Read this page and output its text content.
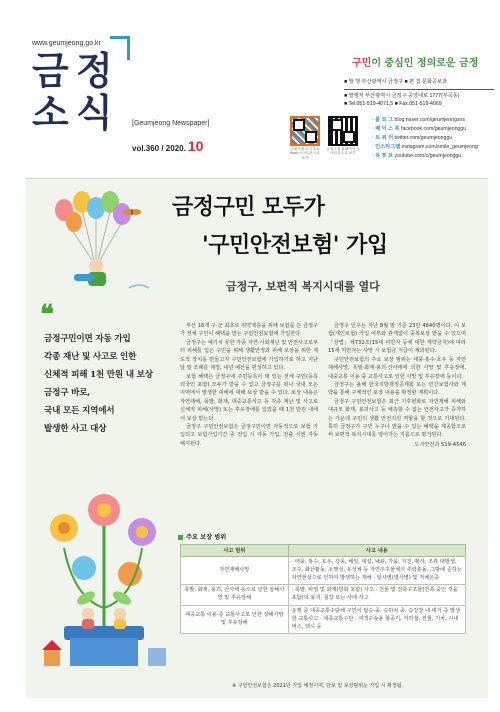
www.geumjeong.go.kr
금 정
소 식	[Geumjeong Newspaper]
vol.360 / 2020. 10
구민이 중심인 정의로운 금정
■ 발 행 부산광역시 금정구 ■ 편 집 문화공보과
■ 발행처 부산광역시 금정구 중앙대로 1777(부곡동)
■ Tel.051-519-4071,5 ■ Fax.051-519-4069
금정구청 소식지 e-book 스마트폰으로 보기
금정구청 홈페이지 스마트폰으로 보기
· 블 로 그 blog.naver.com/geumjeongsns
· 페 이 스 북 facebook.com/geumjeonggu
· 트 위 터 twitter.com/geumjeonggu
· 인스타그램 instagram.com/smile_geumjeong
· 유 튜 브 youtube.com/c/geumjeonggu
금정구민 모두가
'구민안전보험' 가입
금정구, 보편적 복지시대를 열다
❝
금정구민이면 자동 가입
각종 재난 및 사고로 인한
신체적 피해 1천 만원 내 보상
금정구 바로,
국내 모든 지역에서
발생한 사고 대상

부산 16개 구·군 최초로 취약계층을 위해 보험을 든 금정구가 전체 구민이 혜택을 받는 구민안전보험에 가입한다.

금정구는 예기치 못한 각종 자연·사회재난 및 안전사고로부터 피해를 입은 구민을 위해 생활안정과 피해 보상을 위한 제도적 장치를 만들고자 구민안전보험에 가입하기로 하고 지난달 말 조례를 제정, 내년 예산을 편성하고 있다.

보험 혜택은 금정구에 주민등록이 돼 있는 전체 구민(등록외국인 포함) 모두가 받을 수 있고 금정구를 떠나 국내 모든 지역에서 발생한 피해에 대해 보상 받을 수 있다. 보상 내용은 자연재해, 폭발, 화재, 대중교통사고 등 각종 재난 및 사고로 신체적 피해(사망) 또는 후유장애를 입었을 때 1천 만원 내에서 보상 받는다.

금정구 구민안전보험은 금정구민이면 자동적으로 보험 가입되고 보험가입기간 중 전입 시 자동 가입, 전출 시엔 자동 해지된다.

금정구 인구는 지난 8월 말 기준 23만 4640명이다. 이 보험(개인보험) 가입 여부와 관계없이 중복보상 받을 수 있으며 「상법」제732조(15세 미만자 등에 대한 계약금지)에 따라 15세 미만자는 사망 시 보험금 지급이 제외된다.

구민안전보험의 주요 보장 범위는 태풍·홍수·호우 등 자연재해사망, 폭발·화재·붕괴·산사태에 의한 사망 및 후유장애, 대중교통 이용 중 교통사고로 인한 사망 및 후유장애 등이다.

금정구는 올해 한국지방재정공제회 또는 민간보험사와 계약을 통해 구체적인 보장 내용을 확정할 계획이다.

금정구 구민안전보험은 최근 기후변화로 자연재해 피해와 대규모 화재, 붕괴사고 등 예측할 수 없는 안전사고가 증가하는 가운데 구민의 생활 안전지원 역할을 할 것으로 기대된다. 특히 금정구가 구민 누구나 받을 수 있는 혜택을 제공함으로써 보편적 복지시대를 열어가는 지름으로 평가된다.

도시안전과 519-4546
주요 보장 범위
사고 범위	사고 내용
자연재해사망	· 태풍, 홍수, 호우, 강풍, 해일, 대설, 낙뢰, 가뭄, 지진, 황사, 조류 대발생, 조수, 화산활동, 소행성, 유성체 등 자연우주물체의 추락충돌, 그밖에 준하는 자연현상으로 인하여 발생하는 재해 · 일사병(열사병) 및 저체온증
폭발, 화재, 붕괴, 산사태 등으로 인한 상해사망 및 후유장해	· 폭발, 파열 및 화재(방화 포함) 사고 · 건물 및 건축구조물(건축 중인 것을 포함)의 붕괴, 침강 또는 사태 사고
대중교통 이용 중 교통사고로 인한 상해사망 및 후유장해	운행 중 대중교통수단에 구민이 탑승 중, 승하차 중, 승강장 내 대기 중 발생한 교통사고 · 대중교통수단 : 여객수송용 항공기, 지하철, 전철, 기차, 시내버스, 택시 등
※ 구민안전보험은 2021년 가입 예정이며, 단보 및 보상범위는 가입 시 확정됨.
